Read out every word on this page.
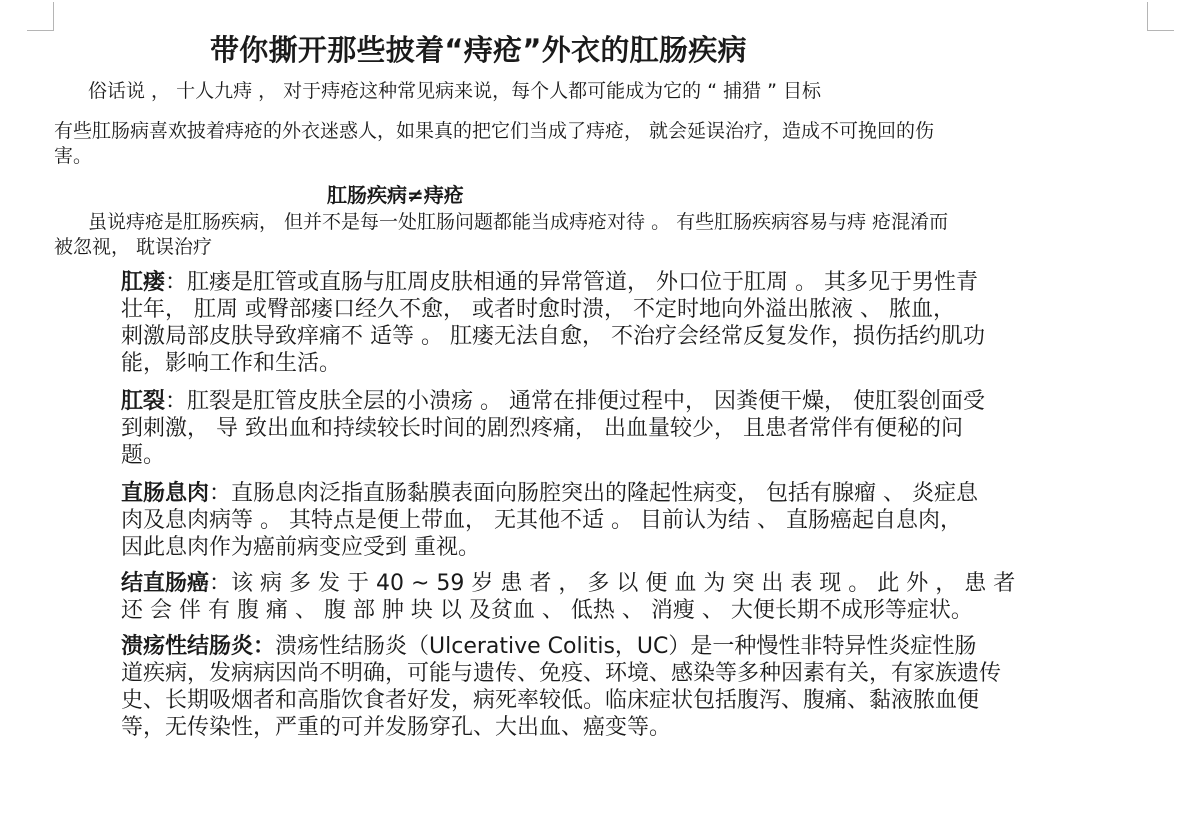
带你撕开那些披着“痔疮”外衣的肛肠疾病

俗话说 ， 十人九痔 ， 对于痔疮这种常见病来说，每个人都可能成为它的 “ 捕猎 ” 目标

有些肛肠病喜欢披着痔疮的外衣迷惑人，如果真的把它们当成了痔疮， 就会延误治疗，造成不可挽回的伤

害。

肛肠疾病≠痔疮

虽说痔疮是肛肠疾病， 但并不是每一处肛肠问题都能当成痔疮对待 。 有些肛肠疾病容易与痔 疮混淆而

被忽视， 耽误治疗

肛瘘：肛瘘是肛管或直肠与肛周皮肤相通的异常管道， 外口位于肛周 。 其多见于男性青
壮年， 肛周 或臀部瘘口经久不愈， 或者时愈时溃， 不定时地向外溢出脓液 、 脓血，
刺激局部皮肤导致痒痛不 适等 。 肛瘘无法自愈， 不治疗会经常反复发作，损伤括约肌功
能，影响工作和生活。
肛裂：肛裂是肛管皮肤全层的小溃疡 。 通常在排便过程中， 因粪便干燥， 使肛裂创面受
到刺激， 导 致出血和持续较长时间的剧烈疼痛， 出血量较少， 且患者常伴有便秘的问
题。
直肠息肉：直肠息肉泛指直肠黏膜表面向肠腔突出的隆起性病变， 包括有腺瘤 、 炎症息
肉及息肉病等 。 其特点是便上带血， 无其他不适 。 目前认为结 、 直肠癌起自息肉，
因此息肉作为癌前病变应受到 重视。
结直肠癌：该 病 多 发 于 40 ~ 59 岁 患 者 ， 多 以 便 血 为 突 出 表 现 。 此 外 ， 患 者
还 会 伴 有 腹 痛 、 腹 部 肿 块 以 及贫血 、 低热 、 消瘦 、 大便长期不成形等症状。
溃疡性结肠炎：溃疡性结肠炎（Ulcerative Colitis，UC）是一种慢性非特异性炎症性肠
道疾病，发病病因尚不明确，可能与遗传、免疫、环境、感染等多种因素有关，有家族遗传
史、长期吸烟者和高脂饮食者好发，病死率较低。临床症状包括腹泻、腹痛、黏液脓血便
等，无传染性，严重的可并发肠穿孔、大出血、癌变等。
